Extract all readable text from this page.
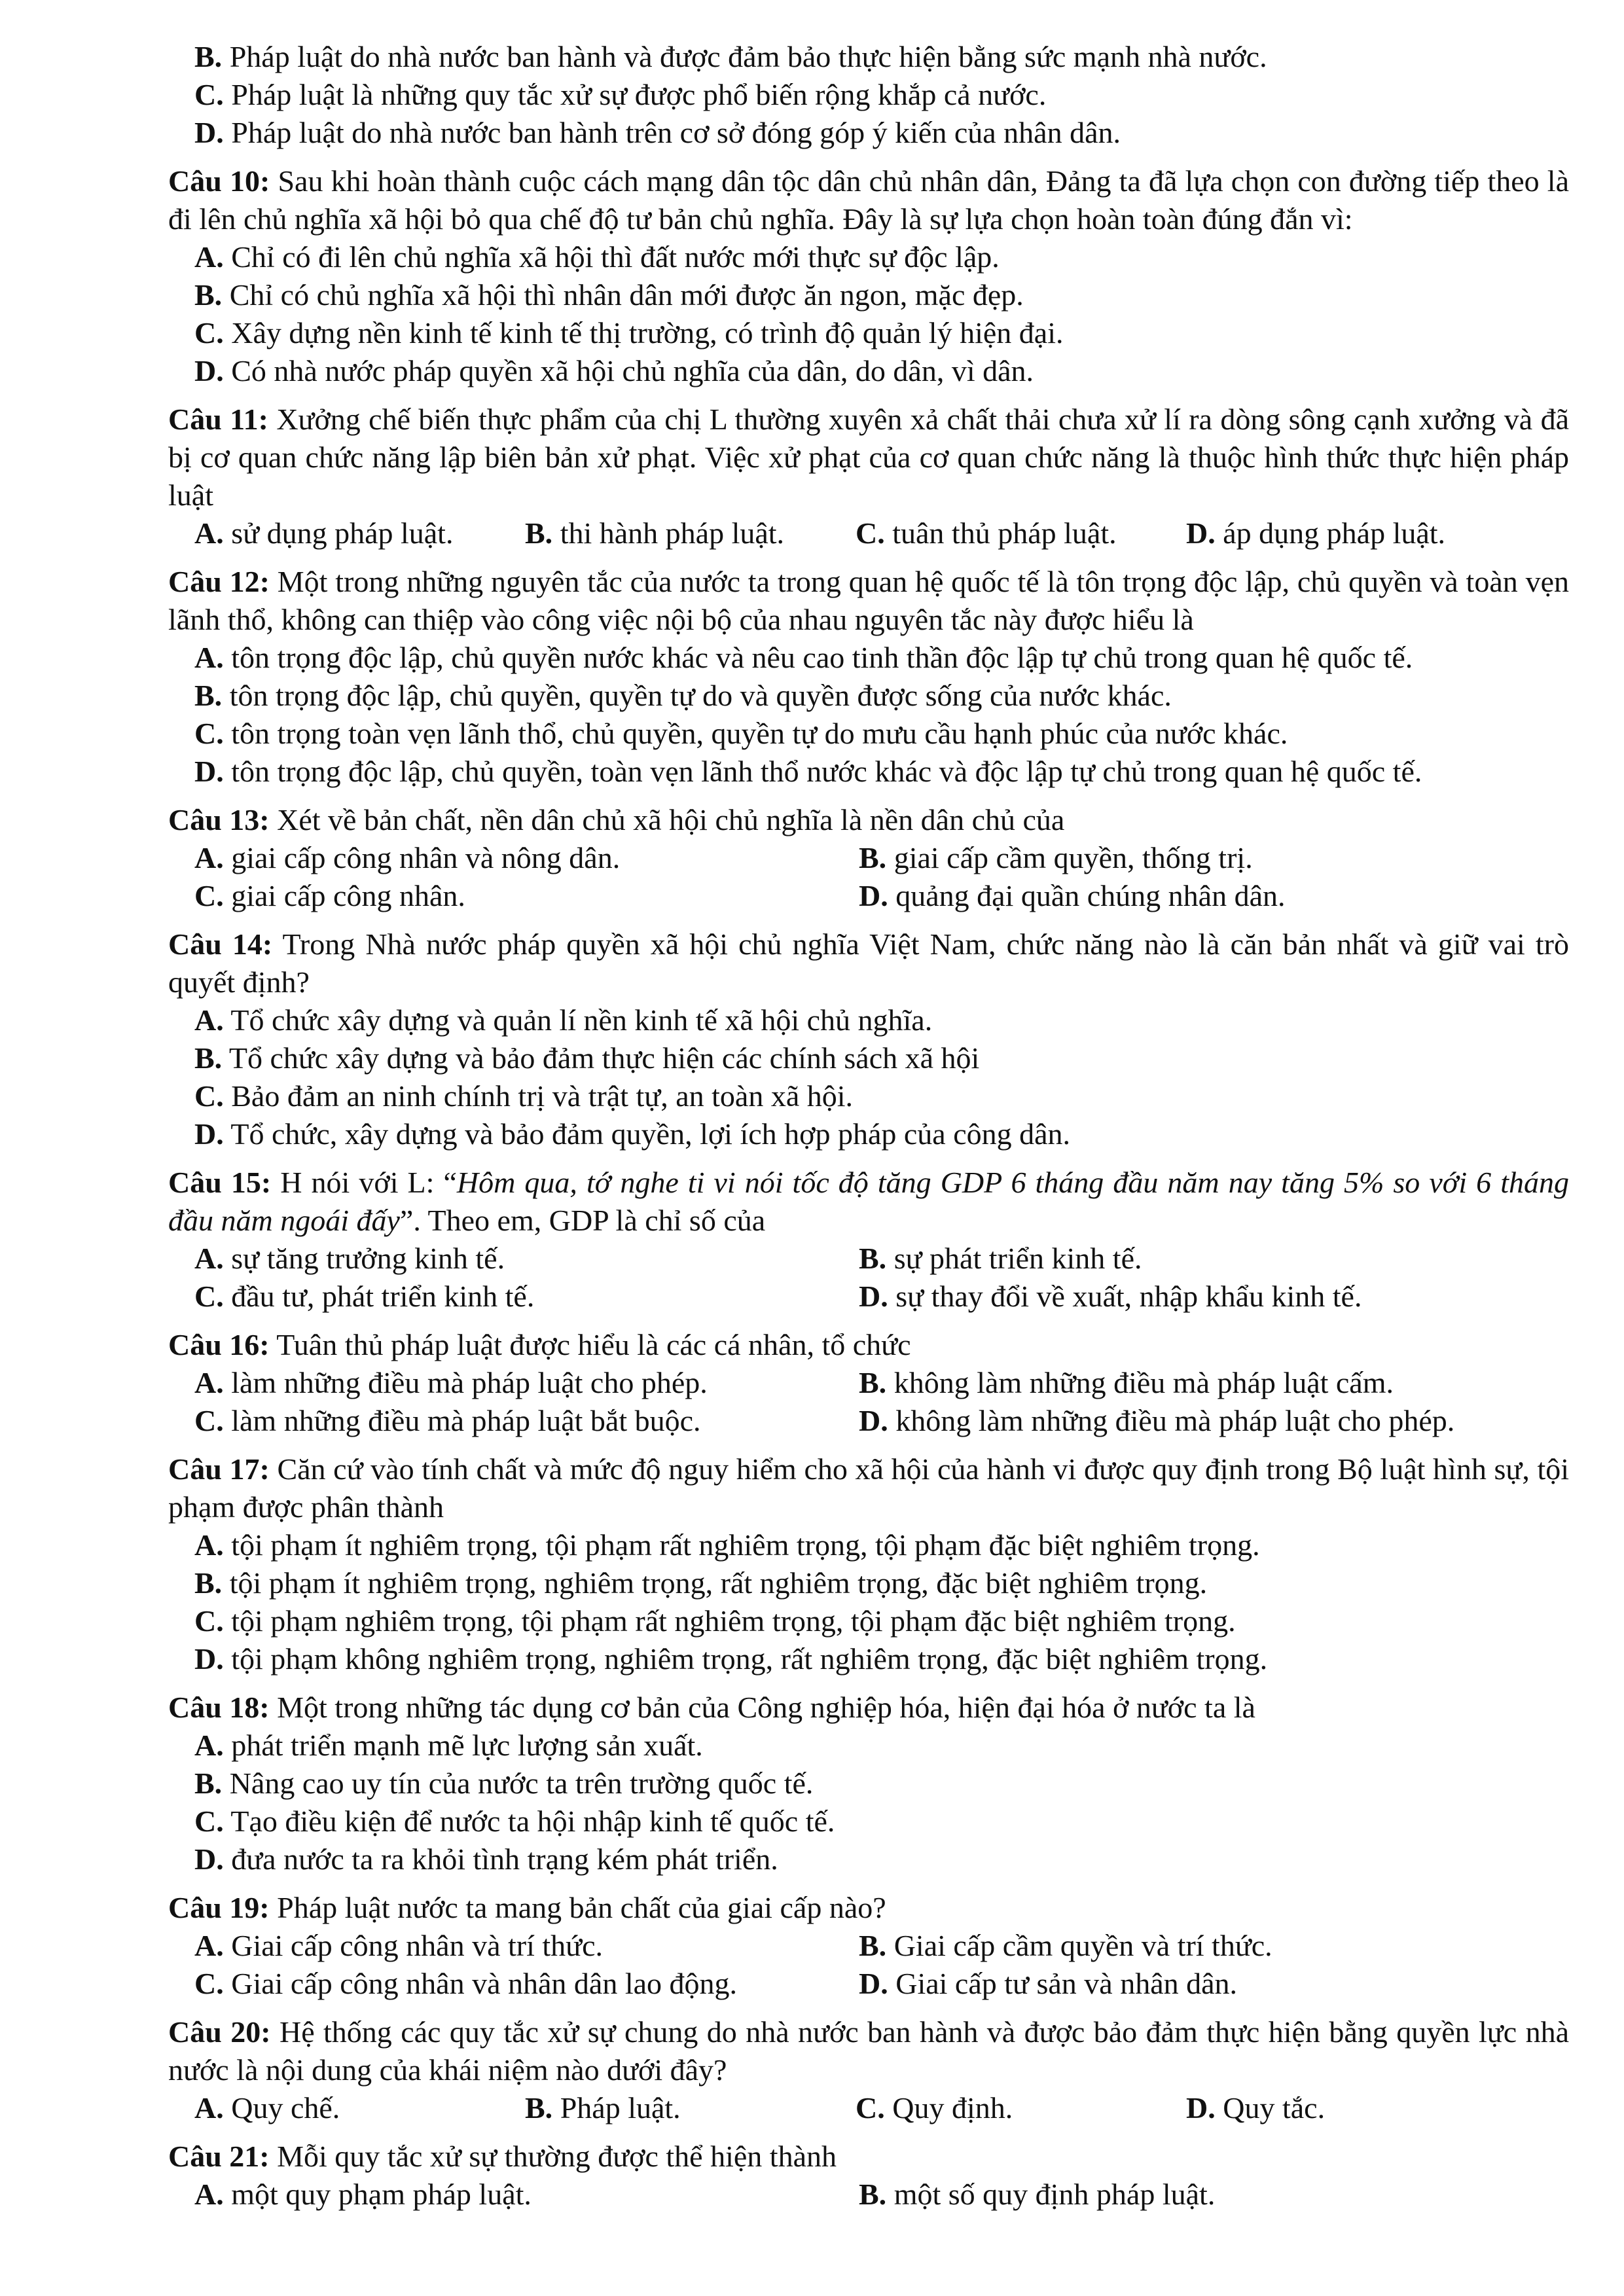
B. Pháp luật do nhà nước ban hành và được đảm bảo thực hiện bằng sức mạnh nhà nước.
C. Pháp luật là những quy tắc xử sự được phổ biến rộng khắp cả nước.
D. Pháp luật do nhà nước ban hành trên cơ sở đóng góp ý kiến của nhân dân.
Câu 10: Sau khi hoàn thành cuộc cách mạng dân tộc dân chủ nhân dân, Đảng ta đã lựa chọn con đường tiếp theo là đi lên chủ nghĩa xã hội bỏ qua chế độ tư bản chủ nghĩa. Đây là sự lựa chọn hoàn toàn đúng đắn vì:
A. Chỉ có đi lên chủ nghĩa xã hội thì đất nước mới thực sự độc lập.
B. Chỉ có chủ nghĩa xã hội thì nhân dân mới được ăn ngon, mặc đẹp.
C. Xây dựng nền kinh tế kinh tế thị trường, có trình độ quản lý hiện đại.
D. Có nhà nước pháp quyền xã hội chủ nghĩa của dân, do dân, vì dân.
Câu 11: Xưởng chế biến thực phẩm của chị L thường xuyên xả chất thải chưa xử lí ra dòng sông cạnh xưởng và đã bị cơ quan chức năng lập biên bản xử phạt. Việc xử phạt của cơ quan chức năng là thuộc hình thức thực hiện pháp luật
A. sử dụng pháp luật.	B. thi hành pháp luật.	C. tuân thủ pháp luật.	D. áp dụng pháp luật.
Câu 12: Một trong những nguyên tắc của nước ta trong quan hệ quốc tế là tôn trọng độc lập, chủ quyền và toàn vẹn lãnh thổ, không can thiệp vào công việc nội bộ của nhau nguyên tắc này được hiểu là
A. tôn trọng độc lập, chủ quyền nước khác và nêu cao tinh thần độc lập tự chủ trong quan hệ quốc tế.
B. tôn trọng độc lập, chủ quyền, quyền tự do và quyền được sống của nước khác.
C. tôn trọng toàn vẹn lãnh thổ, chủ quyền, quyền tự do mưu cầu hạnh phúc của nước khác.
D. tôn trọng độc lập, chủ quyền, toàn vẹn lãnh thổ nước khác và độc lập tự chủ trong quan hệ quốc tế.
Câu 13: Xét về bản chất, nền dân chủ xã hội chủ nghĩa là nền dân chủ của
A. giai cấp công nhân và nông dân.	B. giai cấp cầm quyền, thống trị.
C. giai cấp công nhân.	D. quảng đại quần chúng nhân dân.
Câu 14: Trong Nhà nước pháp quyền xã hội chủ nghĩa Việt Nam, chức năng nào là căn bản nhất và giữ vai trò quyết định?
A. Tổ chức xây dựng và quản lí nền kinh tế xã hội chủ nghĩa.
B. Tổ chức xây dựng và bảo đảm thực hiện các chính sách xã hội
C. Bảo đảm an ninh chính trị và trật tự, an toàn xã hội.
D. Tổ chức, xây dựng và bảo đảm quyền, lợi ích hợp pháp của công dân.
Câu 15: H nói với L: “Hôm qua, tớ nghe ti vi nói tốc độ tăng GDP 6 tháng đầu năm nay tăng 5% so với 6 tháng đầu năm ngoái đấy”. Theo em, GDP là chỉ số của
A. sự tăng trưởng kinh tế.	B. sự phát triển kinh tế.
C. đầu tư, phát triển kinh tế.	D. sự thay đổi về xuất, nhập khẩu kinh tế.
Câu 16: Tuân thủ pháp luật được hiểu là các cá nhân, tổ chức
A. làm những điều mà pháp luật cho phép.	B. không làm những điều mà pháp luật cấm.
C. làm những điều mà pháp luật bắt buộc.	D. không làm những điều mà pháp luật cho phép.
Câu 17: Căn cứ vào tính chất và mức độ nguy hiểm cho xã hội của hành vi được quy định trong Bộ luật hình sự, tội phạm được phân thành
A. tội phạm ít nghiêm trọng, tội phạm rất nghiêm trọng, tội phạm đặc biệt nghiêm trọng.
B. tội phạm ít nghiêm trọng, nghiêm trọng, rất nghiêm trọng, đặc biệt nghiêm trọng.
C. tội phạm nghiêm trọng, tội phạm rất nghiêm trọng, tội phạm đặc biệt nghiêm trọng.
D. tội phạm không nghiêm trọng, nghiêm trọng, rất nghiêm trọng, đặc biệt nghiêm trọng.
Câu 18: Một trong những tác dụng cơ bản của Công nghiệp hóa, hiện đại hóa ở nước ta là
A. phát triển mạnh mẽ lực lượng sản xuất.
B. Nâng cao uy tín của nước ta trên trường quốc tế.
C. Tạo điều kiện để nước ta hội nhập kinh tế quốc tế.
D. đưa nước ta ra khỏi tình trạng kém phát triển.
Câu 19: Pháp luật nước ta mang bản chất của giai cấp nào?
A. Giai cấp công nhân và trí thức.	B. Giai cấp cầm quyền và trí thức.
C. Giai cấp công nhân và nhân dân lao động.	D. Giai cấp tư sản và nhân dân.
Câu 20: Hệ thống các quy tắc xử sự chung do nhà nước ban hành và được bảo đảm thực hiện bằng quyền lực nhà nước là nội dung của khái niệm nào dưới đây?
A. Quy chế.	B. Pháp luật.	C. Quy định.	D. Quy tắc.
Câu 21: Mỗi quy tắc xử sự thường được thể hiện thành
A. một quy phạm pháp luật.	B. một số quy định pháp luật.
